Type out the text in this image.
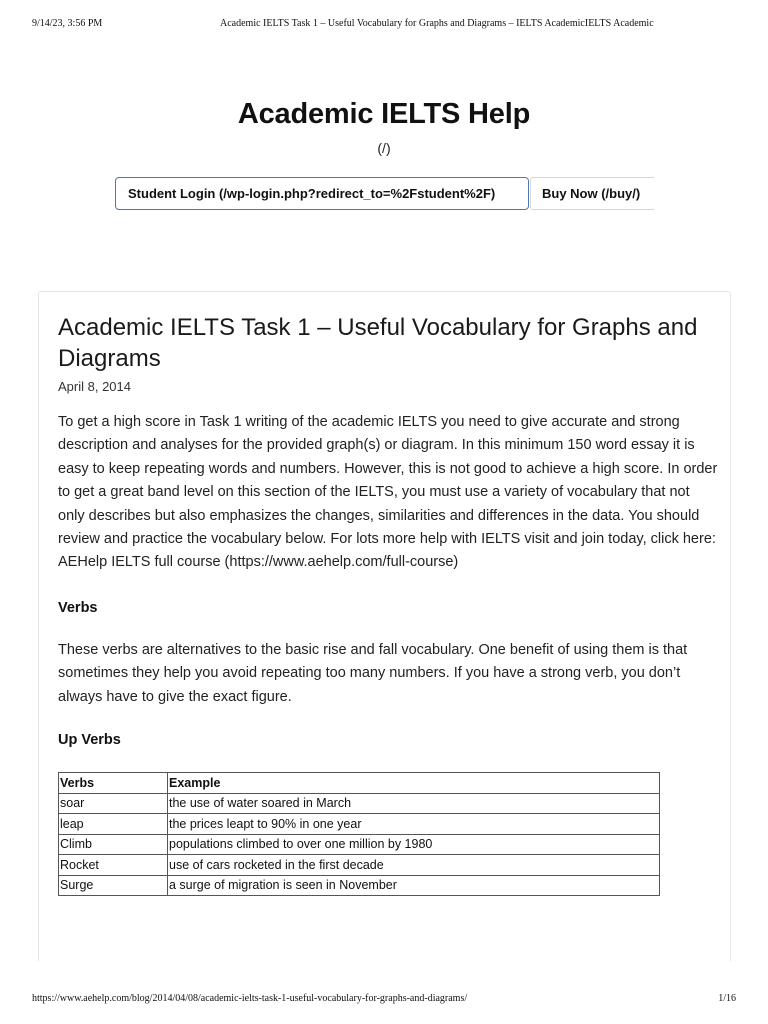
9/14/23, 3:56 PM	Academic IELTS Task 1 – Useful Vocabulary for Graphs and Diagrams – IELTS AcademicIELTS Academic
Academic IELTS Help
(/)
Student Login (/wp-login.php?redirect_to=%2Fstudent%2F)	Buy Now (/buy/)
Academic IELTS Task 1 – Useful Vocabulary for Graphs and Diagrams
April 8, 2014

To get a high score in Task 1 writing of the academic IELTS you need to give accurate and strong description and analyses for the provided graph(s) or diagram. In this minimum 150 word essay it is easy to keep repeating words and numbers. However, this is not good to achieve a high score. In order to get a great band level on this section of the IELTS, you must use a variety of vocabulary that not only describes but also emphasizes the changes, similarities and differences in the data. You should review and practice the vocabulary below. For lots more help with IELTS visit and join today, click here: AEHelp IELTS full course (https://www.aehelp.com/full-course)

Verbs

These verbs are alternatives to the basic rise and fall vocabulary. One benefit of using them is that sometimes they help you avoid repeating too many numbers. If you have a strong verb, you don’t always have to give the exact figure.

Up Verbs
Verbs	Example
soar	the use of water soared in March
leap	the prices leapt to 90% in one year
Climb	populations climbed to over one million by 1980
Rocket	use of cars rocketed in the first decade
Surge	a surge of migration is seen in November
https://www.aehelp.com/blog/2014/04/08/academic-ielts-task-1-useful-vocabulary-for-graphs-and-diagrams/	1/16
